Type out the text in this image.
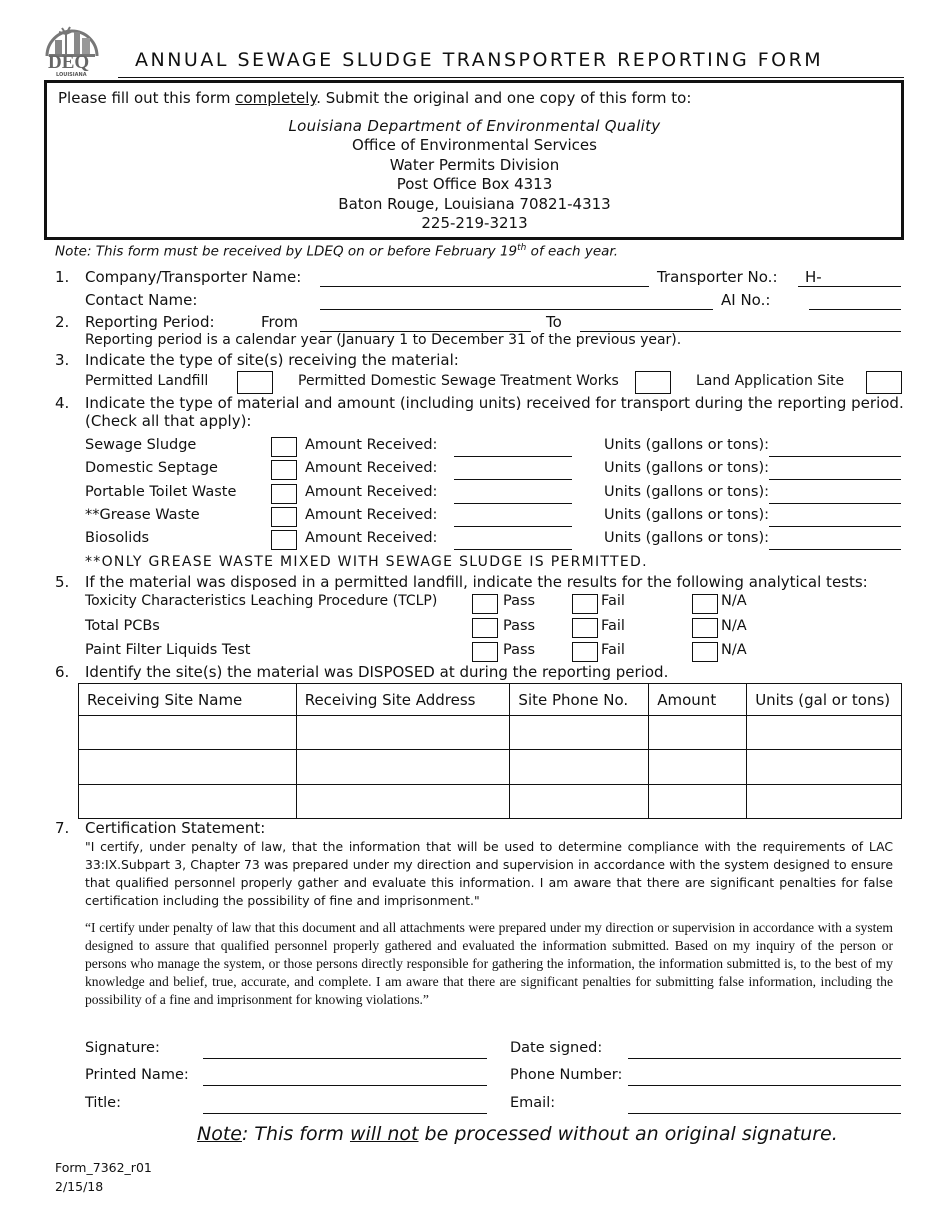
DEQ
LOUISIANA
ANNUAL SEWAGE SLUDGE TRANSPORTER REPORTING FORM
Please fill out this form completely. Submit the original and one copy of this form to:
Louisiana Department of Environmental Quality
Office of Environmental Services
Water Permits Division
Post Office Box 4313
Baton Rouge, Louisiana 70821-4313
225-219-3213
Note: This form must be received by LDEQ on or before February 19th of each year.
1. Company/Transporter Name:	Transporter No.: H-
Contact Name:	AI No.:
2. Reporting Period:	From	To
Reporting period is a calendar year (January 1 to December 31 of the previous year).
3. Indicate the type of site(s) receiving the material:
Permitted Landfill	Permitted Domestic Sewage Treatment Works	Land Application Site
4. Indicate the type of material and amount (including units) received for transport during the reporting period.
(Check all that apply):
Sewage Sludge	Amount Received:	Units (gallons or tons):
Domestic Septage	Amount Received:	Units (gallons or tons):
Portable Toilet Waste	Amount Received:	Units (gallons or tons):
**Grease Waste	Amount Received:	Units (gallons or tons):
Biosolids	Amount Received:	Units (gallons or tons):
**ONLY GREASE WASTE MIXED WITH SEWAGE SLUDGE IS PERMITTED.
5. If the material was disposed in a permitted landfill, indicate the results for the following analytical tests:
Toxicity Characteristics Leaching Procedure (TCLP)	Pass	Fail	N/A
Total PCBs	Pass	Fail	N/A
Paint Filter Liquids Test	Pass	Fail	N/A
6. Identify the site(s) the material was DISPOSED at during the reporting period.
Receiving Site Name	Receiving Site Address	Site Phone No.	Amount	Units (gal or tons)

7. Certification Statement:
"I certify, under penalty of law, that the information that will be used to determine compliance with the requirements of LAC 33:IX.Subpart 3, Chapter 73 was prepared under my direction and supervision in accordance with the system designed to ensure that qualified personnel properly gather and evaluate this information. I am aware that there are significant penalties for false certification including the possibility of fine and imprisonment."
“I certify under penalty of law that this document and all attachments were prepared under my direction or supervision in accordance with a system designed to assure that qualified personnel properly gathered and evaluated the information submitted. Based on my inquiry of the person or persons who manage the system, or those persons directly responsible for gathering the information, the information submitted is, to the best of my knowledge and belief, true, accurate, and complete. I am aware that there are significant penalties for submitting false information, including the possibility of a fine and imprisonment for knowing violations.”
Signature:	Date signed:
Printed Name:	Phone Number:
Title:	Email:
Note: This form will not be processed without an original signature.
Form_7362_r01
2/15/18
